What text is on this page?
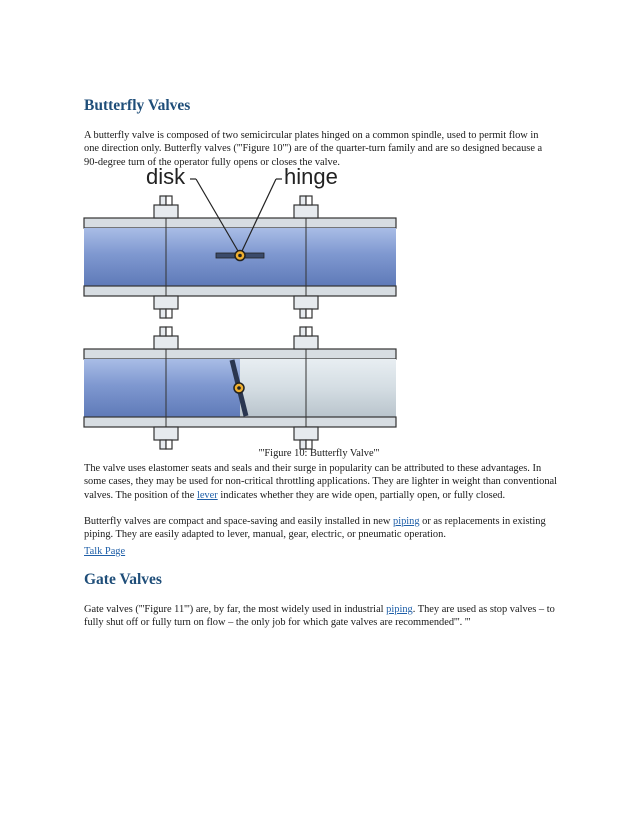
Butterfly Valves

A butterfly valve is composed of two semicircular plates hinged on a common spindle, used to permit flow in one direction only. Butterfly valves ('''Figure 10''') are of the quarter-turn family and are so designed because a 90-degree turn of the operator fully opens or closes the valve.

disk	hinge
'''Figure 10: Butterfly Valve'''

The valve uses elastomer seats and seals and their surge in popularity can be attributed to these advantages. In some cases, they may be used for non-critical throttling applications. They are lighter in weight than conventional valves. The position of the lever indicates whether they are wide open, partially open, or fully closed.

Butterfly valves are compact and space-saving and easily installed in new piping or as replacements in existing piping. They are easily adapted to lever, manual, gear, electric, or pneumatic operation.

Talk Page

Gate Valves

Gate valves ('''Figure 11''') are, by far, the most widely used in industrial piping. They are used as stop valves – to fully shut off or fully turn on flow – the only job for which gate valves are recommended'''. '''
